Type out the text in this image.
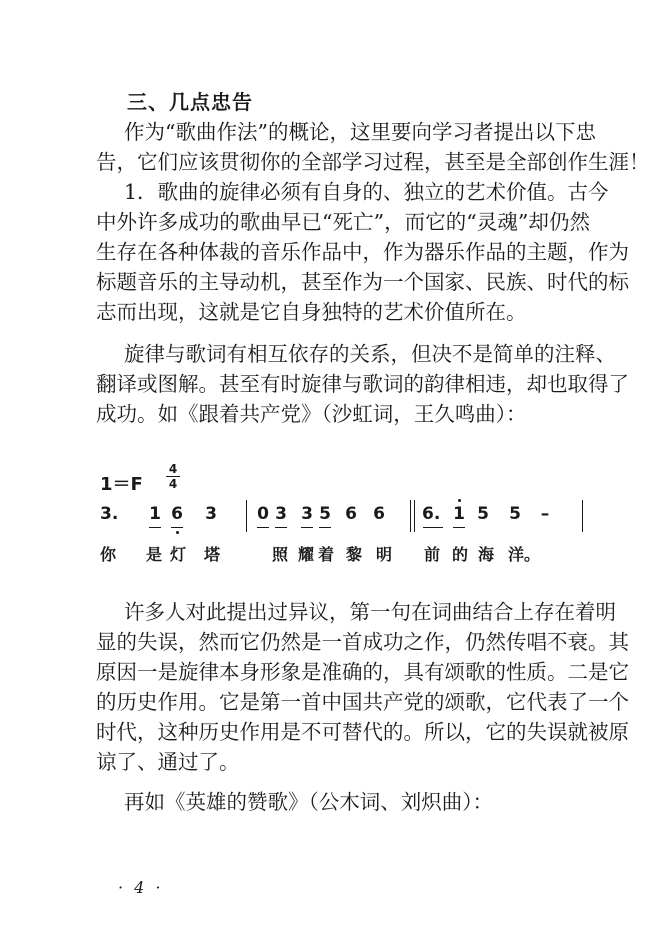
三、几点忠告

作为“歌曲作法”的概论，这里要向学习者提出以下忠
告，它们应该贯彻你的全部学习过程，甚至是全部创作生涯！

1．歌曲的旋律必须有自身的、独立的艺术价值。古今
中外许多成功的歌曲早已“死亡”，而它的“灵魂”却仍然
生存在各种体裁的音乐作品中，作为器乐作品的主题，作为
标题音乐的主导动机，甚至作为一个国家、民族、时代的标
志而出现，这就是它自身独特的艺术价值所在。

旋律与歌词有相互依存的关系，但决不是简单的注释、
翻译或图解。甚至有时旋律与歌词的韵律相违，却也取得了
成功。如《跟着共产党》（沙虹词，王久鸣曲）：

1＝F
4
4
3. 1 6 3 0 3 3 5 6 6 6. 1 5 5 –
你 是 灯 塔	照 耀 着 黎 明 前 的 海 洋。

许多人对此提出过异议，第一句在词曲结合上存在着明
显的失误，然而它仍然是一首成功之作，仍然传唱不衰。其
原因一是旋律本身形象是准确的，具有颂歌的性质。二是它
的历史作用。它是第一首中国共产党的颂歌，它代表了一个
时代，这种历史作用是不可替代的。所以，它的失误就被原
谅了、通过了。

再如《英雄的赞歌》（公木词、刘炽曲）：

· 4 ·
